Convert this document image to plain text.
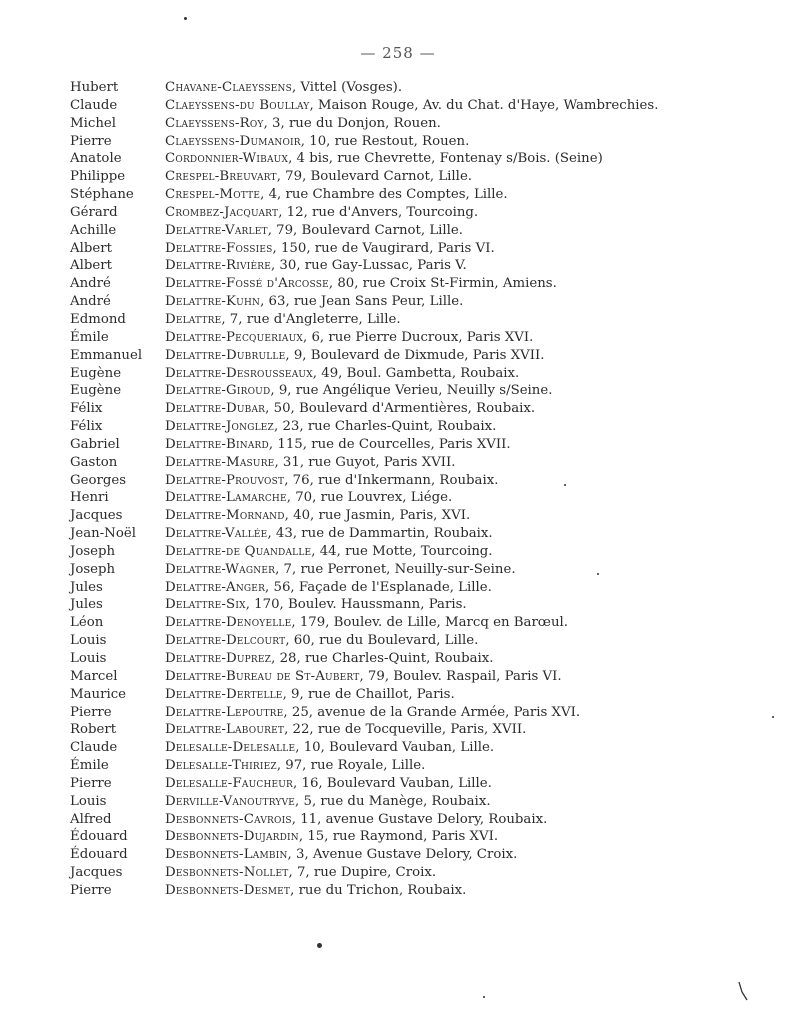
— 258 —
Hubert	Chavane-Claeyssens, Vittel (Vosges).
Claude	Claeyssens-du Boullay, Maison Rouge, Av. du Chat. d'Haye, Wambrechies.
Michel	Claeyssens-Roy, 3, rue du Donjon, Rouen.
Pierre	Claeyssens-Dumanoir, 10, rue Restout, Rouen.
Anatole	Cordonnier-Wibaux, 4 bis, rue Chevrette, Fontenay s/Bois. (Seine)
Philippe	Crespel-Breuvart, 79, Boulevard Carnot, Lille.
Stéphane	Crespel-Motte, 4, rue Chambre des Comptes, Lille.
Gérard	Crombez-Jacquart, 12, rue d'Anvers, Tourcoing.
Achille	Delattre-Varlet, 79, Boulevard Carnot, Lille.
Albert	Delattre-Fossies, 150, rue de Vaugirard, Paris VI.
Albert	Delattre-Rivière, 30, rue Gay-Lussac, Paris V.
André	Delattre-Fossé d'Arcosse, 80, rue Croix St-Firmin, Amiens.
André	Delattre-Kuhn, 63, rue Jean Sans Peur, Lille.
Edmond	Delattre, 7, rue d'Angleterre, Lille.
Émile	Delattre-Pecqueriaux, 6, rue Pierre Ducroux, Paris XVI.
Emmanuel	Delattre-Dubrulle, 9, Boulevard de Dixmude, Paris XVII.
Eugène	Delattre-Desrousseaux, 49, Boul. Gambetta, Roubaix.
Eugène	Delattre-Giroud, 9, rue Angélique Verieu, Neuilly s/Seine.
Félix	Delattre-Dubar, 50, Boulevard d'Armentières, Roubaix.
Félix	Delattre-Jonglez, 23, rue Charles-Quint, Roubaix.
Gabriel	Delattre-Binard, 115, rue de Courcelles, Paris XVII.
Gaston	Delattre-Masure, 31, rue Guyot, Paris XVII.
Georges	Delattre-Prouvost, 76, rue d'Inkermann, Roubaix.
Henri	Delattre-Lamarche, 70, rue Louvrex, Liége.
Jacques	Delattre-Mornand, 40, rue Jasmin, Paris, XVI.
Jean-Noël	Delattre-Vallée, 43, rue de Dammartin, Roubaix.
Joseph	Delattre-de Quandalle, 44, rue Motte, Tourcoing.
Joseph	Delattre-Wagner, 7, rue Perronet, Neuilly-sur-Seine.
Jules	Delattre-Anger, 56, Façade de l'Esplanade, Lille.
Jules	Delattre-Six, 170, Boulev. Haussmann, Paris.
Léon	Delattre-Denoyelle, 179, Boulev. de Lille, Marcq en Barœul.
Louis	Delattre-Delcourt, 60, rue du Boulevard, Lille.
Louis	Delattre-Duprez, 28, rue Charles-Quint, Roubaix.
Marcel	Delattre-Bureau de St-Aubert, 79, Boulev. Raspail, Paris VI.
Maurice	Delattre-Dertelle, 9, rue de Chaillot, Paris.
Pierre	Delattre-Lepoutre, 25, avenue de la Grande Armée, Paris XVI.
Robert	Delattre-Labouret, 22, rue de Tocqueville, Paris, XVII.
Claude	Delesalle-Delesalle, 10, Boulevard Vauban, Lille.
Émile	Delesalle-Thiriez, 97, rue Royale, Lille.
Pierre	Delesalle-Faucheur, 16, Boulevard Vauban, Lille.
Louis	Derville-Vanoutryve, 5, rue du Manège, Roubaix.
Alfred	Desbonnets-Cavrois, 11, avenue Gustave Delory, Roubaix.
Édouard	Desbonnets-Dujardin, 15, rue Raymond, Paris XVI.
Édouard	Desbonnets-Lambin, 3, Avenue Gustave Delory, Croix.
Jacques	Desbonnets-Nollet, 7, rue Dupire, Croix.
Pierre	Desbonnets-Desmet, rue du Trichon, Roubaix.
